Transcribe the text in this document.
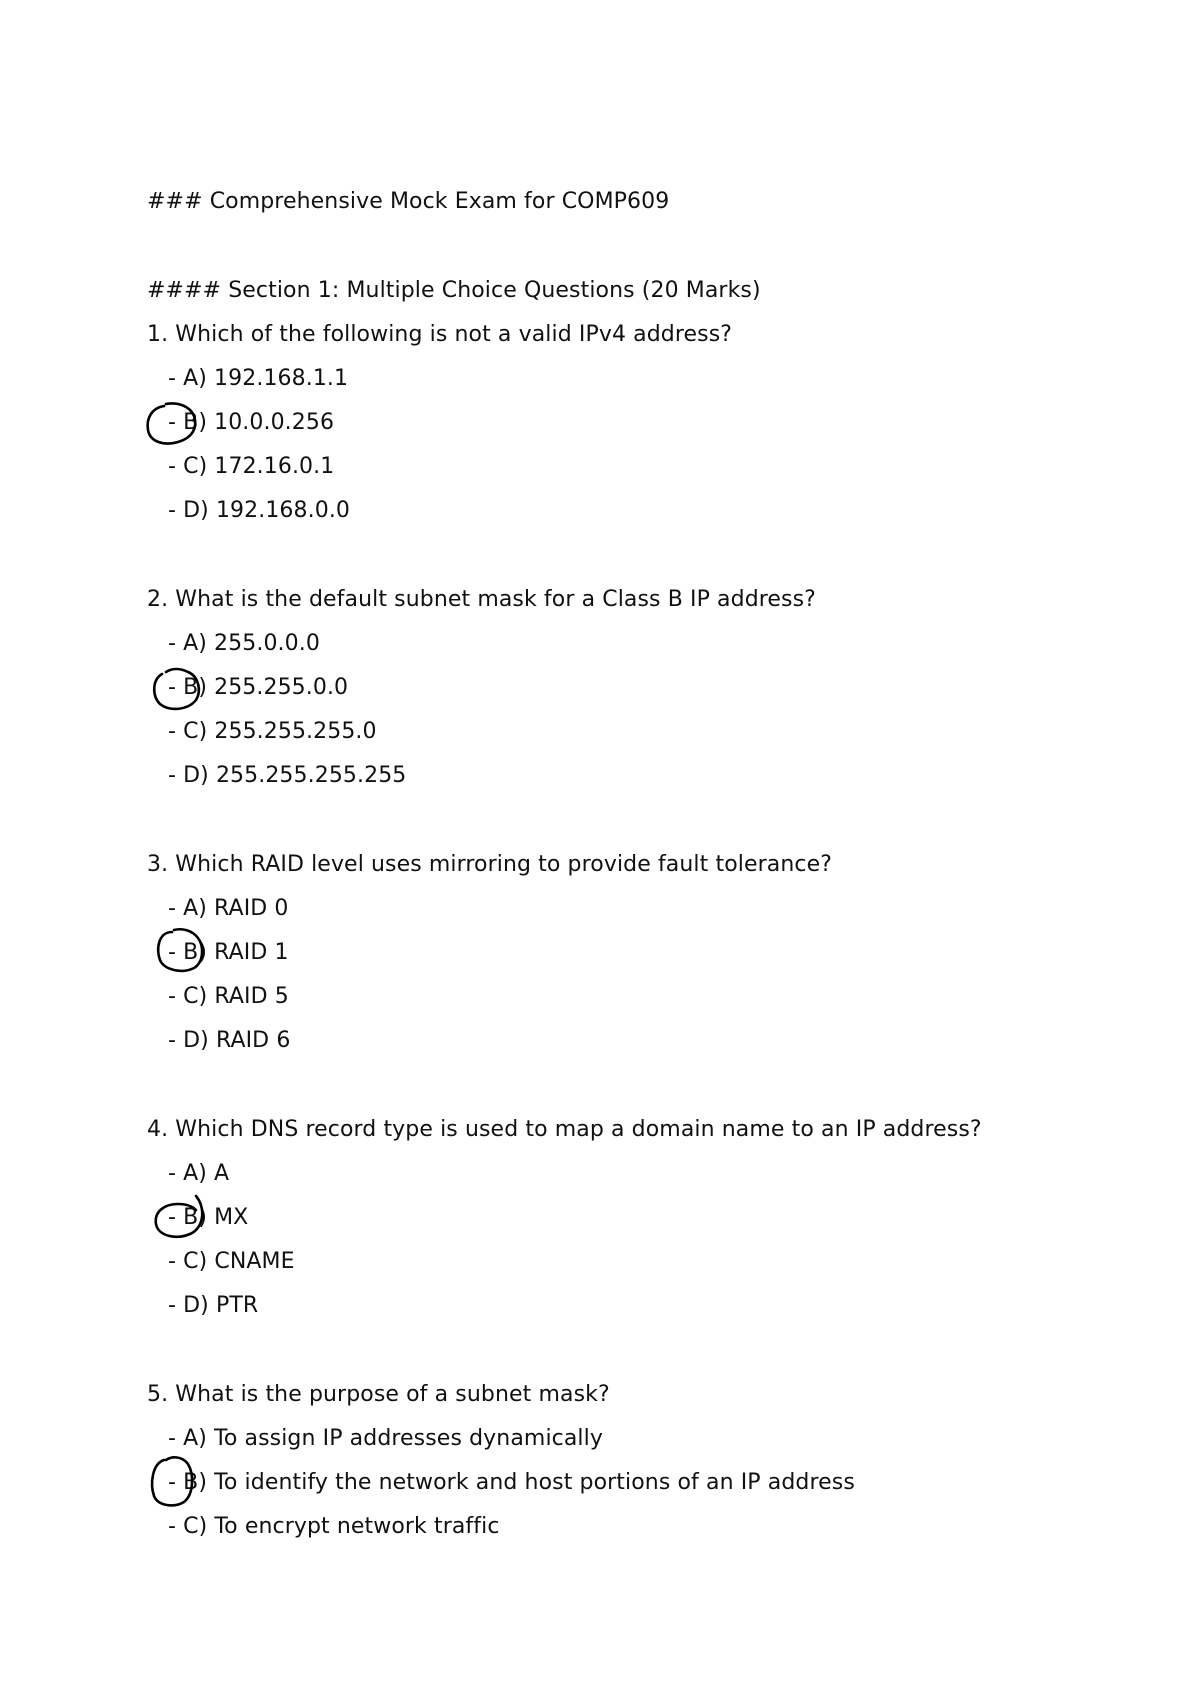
### Comprehensive Mock Exam for COMP609
#### Section 1: Multiple Choice Questions (20 Marks)
1. Which of the following is not a valid IPv4 address?
- A) 192.168.1.1
- B) 10.0.0.256
- C) 172.16.0.1
- D) 192.168.0.0
2. What is the default subnet mask for a Class B IP address?
- A) 255.0.0.0
- B) 255.255.0.0
- C) 255.255.255.0
- D) 255.255.255.255
3. Which RAID level uses mirroring to provide fault tolerance?
- A) RAID 0
- B) RAID 1
- C) RAID 5
- D) RAID 6
4. Which DNS record type is used to map a domain name to an IP address?
- A) A
- B) MX
- C) CNAME
- D) PTR
5. What is the purpose of a subnet mask?
- A) To assign IP addresses dynamically
- B) To identify the network and host portions of an IP address
- C) To encrypt network traffic
